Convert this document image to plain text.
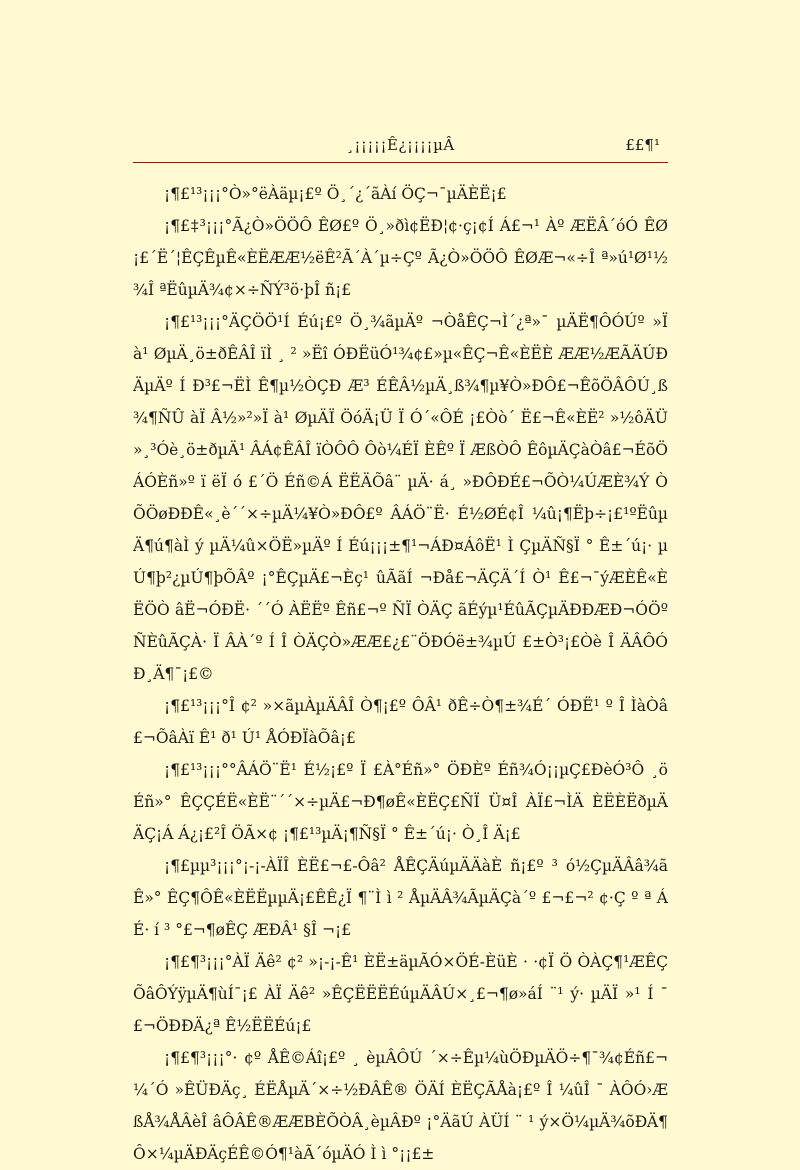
¸¡¡¡¡¡Ê¿¡¡¡¡µÂ	££¶¹

¡¶£¹³¡¡¡°Ò»°ëÀäµ¡£º Ö¸´¿´ãÀí ÖÇ¬¯µÄÈË¡£

¡¶£‡³¡¡¡°Ã¿Ò»ÖÖÔ ÊØ£º Ö¸»ðì¢ËÐ¦¢·ç¡¢Í Á£¬¹ Àº ÆËÂ´óÓ ÊØ¡£´Ë´¦ÊÇÊµÊ«ÈËÆÆ½ëÊ²Ã´À´µ÷Çº Ã¿Ò»ÖÖÔ ÊØÆ¬«÷Î ª»ú¹Ø¹½¾Î ªËûµÄ¾¢×÷ÑÝ³ö·þÎ ñ¡£

¡¶£¹³¡¡¡°ÄÇÖÖ¹Í Éú¡£º Ö¸¾ãµÄº ¬ÒåÊÇ¬Ì´¿ª»¯ µÄË¶ÔÓÚº »Ï à¹ ØµÄ¸ö±ðÊÂÎ ïÌ ¸ ² »Ëî ÓÐËüÓ¹¾¢£»µ«ÊÇ¬Ê«ÈËÈ ÆÆ½ÆÃÄÚÐÄµÄº Í Ð³£¬ËÌ Ê¶µ½ÒÇÐ Æ³ ÉÊÂ½µÄ¸ß¾¶µ¥Ò»ÐÔ£¬ÊõÖÂÔÚ¸ß¾¶ÑÛ àÏ Â½»²»Ï à¹ ØµÄÏ ÖóÄ¡Ü Ï Ó´«ÔÉ ¡£Òò´ Ë£¬Ê«ÈË² »½ôÄÜ »¸³Óè¸ö±ðµÄ¹ ÂÁ¢ÊÂÎ ïÒÔÔ Ôò¼ÉÏ ÈÊº Ï ÆßÒÔ ÊôµÄÇàÒâ£¬ÉõÖÁÓÈñ»º ï ëÏ ó £´Ö Éñ©Á ËËÄÕâ¨ µÄ· á¸ »ÐÔÐÉ£¬ÕÒ¼ÚÆÈ¾Ý ÒÕÖøÐÐÊ«¸è´´×÷µÄ¼¥Ò»ÐÔ£º ÂÁÖ¨Ë· É½ØÉ¢Î ¼û¡¶Ëþ÷¡£¹ºËûµÄ¶ú¶àÌ ý µÄ¼û×ÖË»µÄº Í Éú¡¡¡±¶¹¬ÁÐ¤ÁôË¹ Ì ÇµÄÑ§Ï ° Ê±´ú¡· µÚ¶þ²¿µÚ¶þÕÂº ¡°ÊÇµÄ£¬Èç¹ ûÃãÍ ¬Ðå£¬ÄÇÄ´Í Ò¹ Ê£¬¯ýÆÈÊ«ÈËÖÒ âË¬ÓÐË· ´´Ó ÀËËº Êñ£¬º ÑÏ ÒÄÇ ãÉýµ¹ÉûÃÇµÄÐÐÆÐ¬ÓÖº ÑÈûÃÇÀ· Ï ÂÀ´º Í Î ÒÄÇÒ»ÆÆ£¿£¨ÖÐÓë±¾µÚ £±Ò³¡£Òè Î ÄÂÔÓÐ¸Ä¶¯¡£©

¡¶£¹³¡¡¡°Î ¢² »×ãµÀµÄÂÎ Ò¶¡£º ÔÂ¹ ðÊ÷Ò¶±¾É´ ÓÐË¹ º Î ÌàÒâ£¬ÕâÀï Ê¹ ð¹ Ú¹ ÅÓÐÏàÕâ¡£

¡¶£¹³¡¡¡°°ÂÁÖ¨Ë¹ É½¡£º Ï £À°Éñ»° ÖÐÈº Éñ¾Ó¡¡µÇ£ÐèÓ³Ô ¸öÉñ»° ÊÇÇÉË«ÈË¨´´×÷µÄ£¬Ð¶øÊ«ÈËÇ£ÑÏ Ü¤Î ÀÏ£¬ÌÄ ÈËÈËðµÄ ÄÇ¡Á Á¿¡£²Î ÖÃ×¢ ¡¶£¹³µÄ¡¶Ñ§Ï ° Ê±´ú¡· Ò¸Î Ä¡£

¡¶£µµ³¡¡¡°¡-¡-ÀÏÎ ÈË£¬£-Ôâ² ÅÊÇÄúµÄÄàÈ ñ¡£º ³ ó½ÇµÄÂâ¾ãÊ»° ÊÇ¶ÔÊ«ÈËËµµÄ¡£ÊÊ¿Ï ¶¨Ì ì ² ÅµÄÂ¾ÃµÄÇà´º £¬£¬² ¢·Ç º ª ÁÉ· í ³ °£¬¶øÊÇ ÆÐÂ¹ §Î ¬¡£

¡¶£¶³¡¡¡°ÀÏ Äê² ¢² »¡-¡-Ê¹ ÈË±äµÃÓ×ÖÉ-ÈüÈ · ·¢Ï Ö ÒÀÇ¶¹ÆÊÇÕâÔÝÿµÄ¶ùÍ¯¡£ ÀÏ Äê² »ÊÇËËËÉúµÄÂÚ×¸£¬¶ø»áÍ ¨¹ ý· µÄÏ »¹ Í ¯£¬ÖÐÐÄ¿ª Ê½ËËÉú¡£

¡¶£¶³¡¡¡°· ¢º ÅÊ©Áî¡£º ¸ èµÂÔÚ ´×÷Êµ¼ùÖÐµÄÖ÷¶¯¾¢Éñ£¬¼´Ó »ÊÜÐÄç¸ ÉËÅµÄ´×÷½ÐÂÊ® ÖÄÍ ÈËÇÃÅà¡£º Î ¼ûÎ ¯ ÀÔÓ›ÆßÅ¾ÅÂèÎ âÔÂÊ®ÆÆBÈÕÒÂ¸èµÂÐº ¡°ÄãÚ ÀÜÍ ¨ ¹ ý×Ö¼µÄ¾õÐÄ¶Ô×¼µÄÐÄçÉÊ©Ó¶¹àÃ´óµÄÓ Ì ì °¡¡£±
